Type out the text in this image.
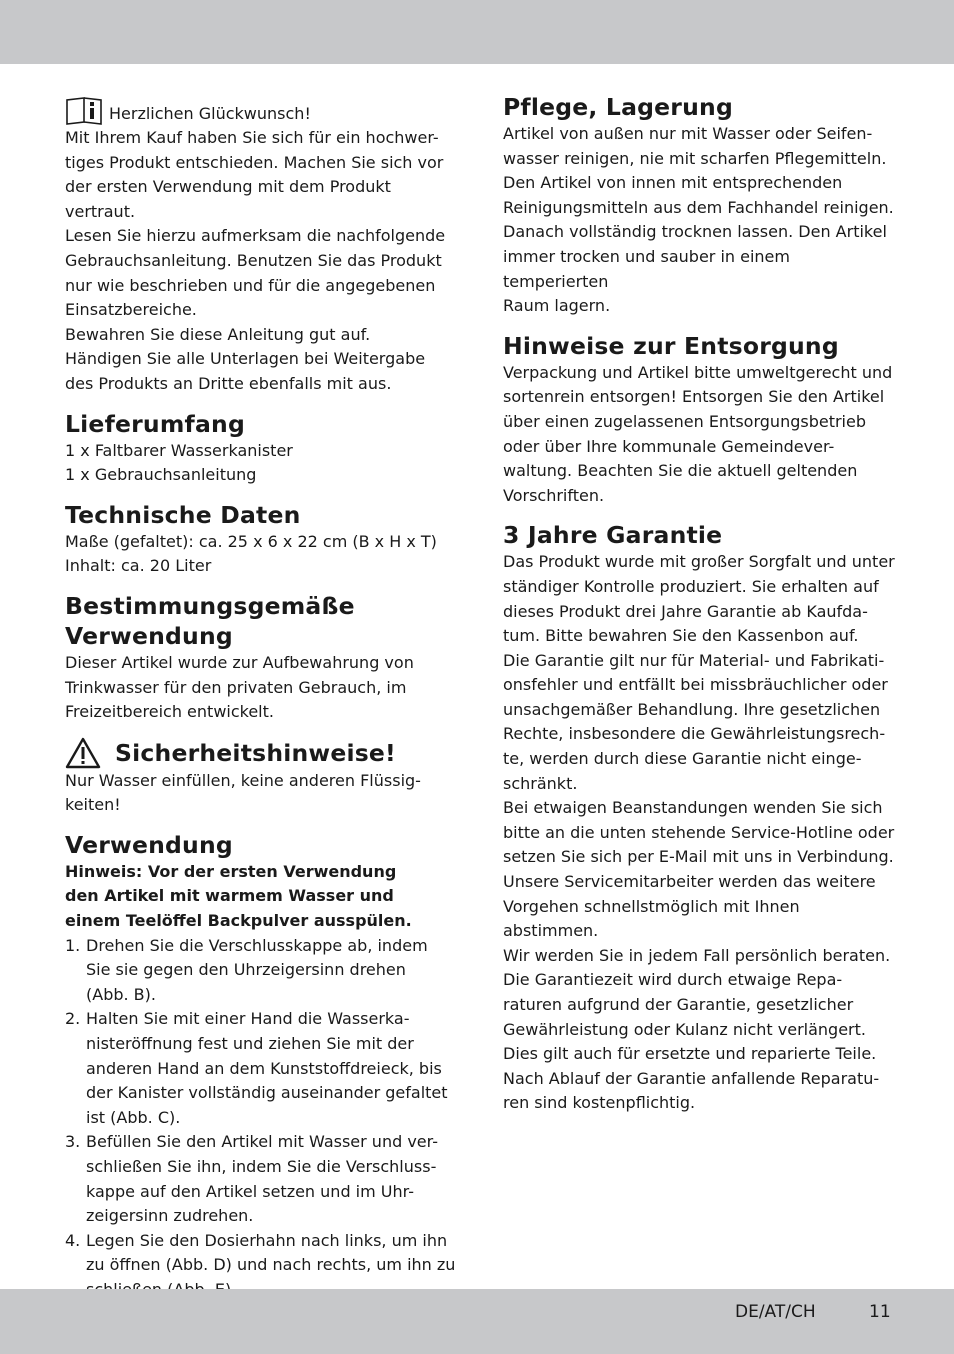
Herzlichen Glückwunsch!

Mit Ihrem Kauf haben Sie sich für ein hochwer-

tiges Produkt entschieden. Machen Sie sich vor

der ersten Verwendung mit dem Produkt vertraut.

Lesen Sie hierzu aufmerksam die nachfolgende

Gebrauchsanleitung. Benutzen Sie das Produkt

nur wie beschrieben und für die angegebenen

Einsatzbereiche.

Bewahren Sie diese Anleitung gut auf.

Händigen Sie alle Unterlagen bei Weitergabe

des Produkts an Dritte ebenfalls mit aus.

Lieferumfang

1 x Faltbarer Wasserkanister

1 x Gebrauchsanleitung

Technische Daten

Maße (gefaltet): ca. 25 x 6 x 22 cm (B x H x T)

Inhalt: ca. 20 Liter

Bestimmungsgemäße
Verwendung

Dieser Artikel wurde zur Aufbewahrung von

Trinkwasser für den privaten Gebrauch, im

Freizeitbereich entwickelt.

Sicherheitshinweise!

Nur Wasser einfüllen, keine anderen Flüssig-

keiten!

Verwendung

Hinweis: Vor der ersten Verwendung

den Artikel mit warmem Wasser und

einem Teelöffel Backpulver ausspülen.

1. Drehen Sie die Verschlusskappe ab, indem
Sie sie gegen den Uhrzeigersinn drehen
(Abb. B).
2. Halten Sie mit einer Hand die Wasserka-
nisteröffnung fest und ziehen Sie mit der
anderen Hand an dem Kunststoffdreieck, bis
der Kanister vollständig auseinander gefaltet
ist (Abb. C).
3. Befüllen Sie den Artikel mit Wasser und ver-
schließen Sie ihn, indem Sie die Verschluss-
kappe auf den Artikel setzen und im Uhr-
zeigersinn zudrehen.
4. Legen Sie den Dosierhahn nach links, um ihn
zu öffnen (Abb. D) und nach rechts, um ihn zu
Pflege, Lagerung

Artikel von außen nur mit Wasser oder Seifen-

wasser reinigen, nie mit scharfen Pflegemitteln.

Den Artikel von innen mit entsprechenden

Reinigungsmitteln aus dem Fachhandel reinigen.

Danach vollständig trocknen lassen. Den Artikel

immer trocken und sauber in einem temperierten

Raum lagern.

Hinweise zur Entsorgung

Verpackung und Artikel bitte umweltgerecht und

sortenrein entsorgen! Entsorgen Sie den Artikel

über einen zugelassenen Entsorgungsbetrieb

oder über Ihre kommunale Gemeindever-

waltung. Beachten Sie die aktuell geltenden

Vorschriften.

3 Jahre Garantie

Das Produkt wurde mit großer Sorgfalt und unter

ständiger Kontrolle produziert. Sie erhalten auf

dieses Produkt drei Jahre Garantie ab Kaufda-

tum. Bitte bewahren Sie den Kassenbon auf.

Die Garantie gilt nur für Material- und Fabrikati-

onsfehler und entfällt bei missbräuchlicher oder

unsachgemäßer Behandlung. Ihre gesetzlichen

Rechte, insbesondere die Gewährleistungsrech-

te, werden durch diese Garantie nicht einge-

schränkt.

Bei etwaigen Beanstandungen wenden Sie sich

bitte an die unten stehende Service-Hotline oder

setzen Sie sich per E-Mail mit uns in Verbindung.

Unsere Servicemitarbeiter werden das weitere

Vorgehen schnellstmöglich mit Ihnen abstimmen.

Wir werden Sie in jedem Fall persönlich beraten.

Die Garantiezeit wird durch etwaige Repa-

raturen aufgrund der Garantie, gesetzlicher

Gewährleistung oder Kulanz nicht verlängert.

Dies gilt auch für ersetzte und reparierte Teile.

Nach Ablauf der Garantie anfallende Reparatu-

ren sind kostenpflichtig.

DE/AT/CH	11
